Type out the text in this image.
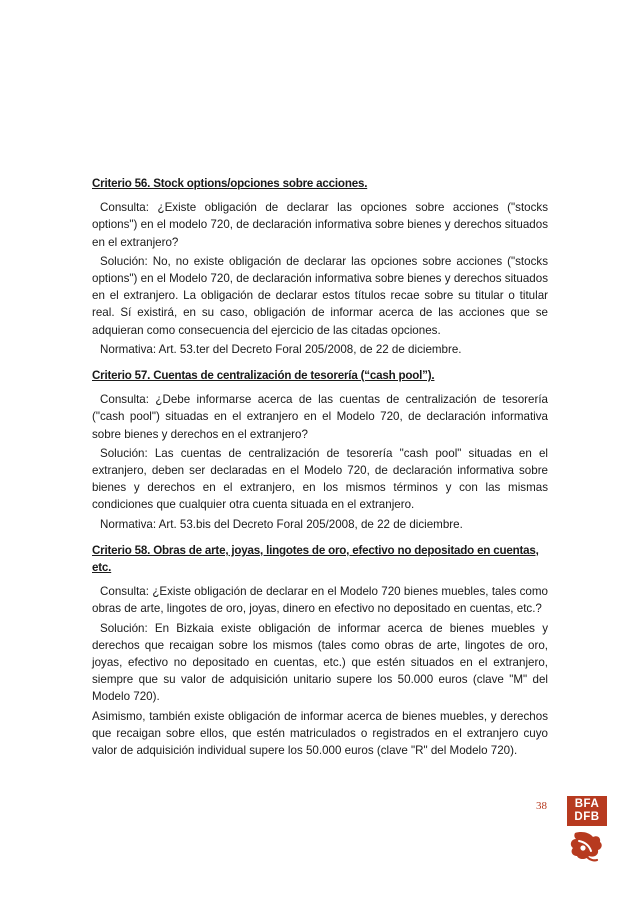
Criterio 56. Stock options/opciones sobre acciones.

Consulta: ¿Existe obligación de declarar las opciones sobre acciones ("stocks options") en el modelo 720, de declaración informativa sobre bienes y derechos situados en el extranjero?

Solución: No, no existe obligación de declarar las opciones sobre acciones ("stocks options") en el Modelo 720, de declaración informativa sobre bienes y derechos situados en el extranjero. La obligación de declarar estos títulos recae sobre su titular o titular real. Sí existirá, en su caso, obligación de informar acerca de las acciones que se adquieran como consecuencia del ejercicio de las citadas opciones.

Normativa: Art. 53.ter del Decreto Foral 205/2008, de 22 de diciembre.

Criterio 57. Cuentas de centralización de tesorería (“cash pool”).

Consulta: ¿Debe informarse acerca de las cuentas de centralización de tesorería ("cash pool") situadas en el extranjero en el Modelo 720, de declaración informativa sobre bienes y derechos en el extranjero?

Solución: Las cuentas de centralización de tesorería "cash pool" situadas en el extranjero, deben ser declaradas en el Modelo 720, de declaración informativa sobre bienes y derechos en el extranjero, en los mismos términos y con las mismas condiciones que cualquier otra cuenta situada en el extranjero.

Normativa: Art. 53.bis del Decreto Foral 205/2008, de 22 de diciembre.

Criterio 58. Obras de arte, joyas, lingotes de oro, efectivo no depositado en cuentas, etc.

Consulta: ¿Existe obligación de declarar en el Modelo 720 bienes muebles, tales como obras de arte, lingotes de oro, joyas, dinero en efectivo no depositado en cuentas, etc.?

Solución: En Bizkaia existe obligación de informar acerca de bienes muebles y derechos que recaigan sobre los mismos (tales como obras de arte, lingotes de oro, joyas, efectivo no depositado en cuentas, etc.) que estén situados en el extranjero, siempre que su valor de adquisición unitario supere los 50.000 euros (clave "M" del Modelo 720).

Asimismo, también existe obligación de informar acerca de bienes muebles, y derechos que recaigan sobre ellos, que estén matriculados o registrados en el extranjero cuyo valor de adquisición individual supere los 50.000 euros (clave "R" del Modelo 720).

38	BFA
DFB
